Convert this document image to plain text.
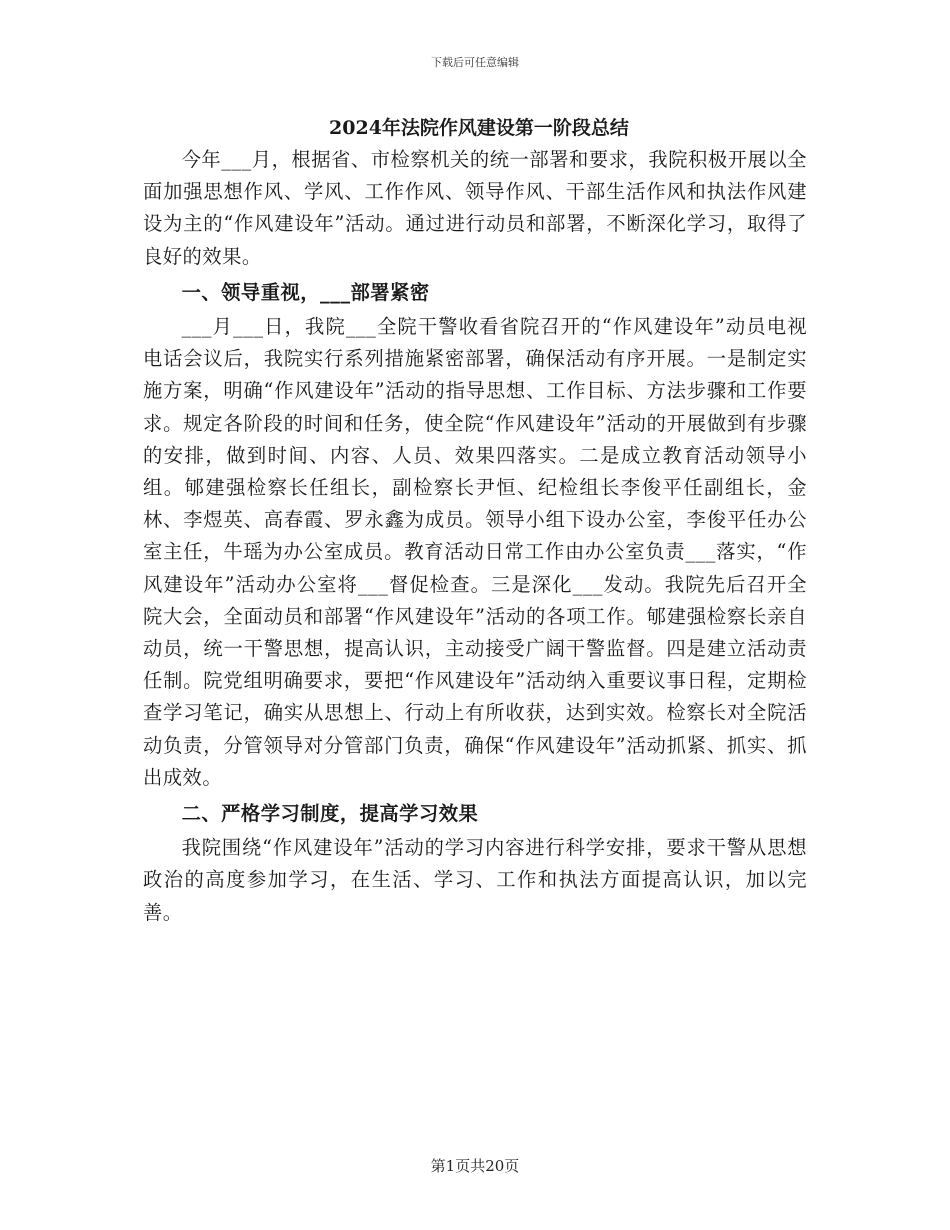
下载后可任意编辑
2024年法院作风建设第一阶段总结

今年___月，根据省、市检察机关的统一部署和要求，我院积极开展以全面加强思想作风、学风、工作作风、领导作风、干部生活作风和执法作风建设为主的“作风建设年”活动。通过进行动员和部署，不断深化学习，取得了良好的效果。

一、领导重视，___部署紧密

___月___日，我院___全院干警收看省院召开的“作风建设年”动员电视电话会议后，我院实行系列措施紧密部署，确保活动有序开展。一是制定实施方案，明确“作风建设年”活动的指导思想、工作目标、方法步骤和工作要求。规定各阶段的时间和任务，使全院“作风建设年”活动的开展做到有步骤的安排，做到时间、内容、人员、效果四落实。二是成立教育活动领导小组。郇建强检察长任组长，副检察长尹恒、纪检组长李俊平任副组长，金林、李煜英、高春霞、罗永鑫为成员。领导小组下设办公室，李俊平任办公室主任，牛瑶为办公室成员。教育活动日常工作由办公室负责___落实，“作风建设年”活动办公室将___督促检查。三是深化___发动。我院先后召开全院大会，全面动员和部署“作风建设年”活动的各项工作。郇建强检察长亲自动员，统一干警思想，提高认识，主动接受广阔干警监督。四是建立活动责任制。院党组明确要求，要把“作风建设年”活动纳入重要议事日程，定期检查学习笔记，确实从思想上、行动上有所收获，达到实效。检察长对全院活动负责，分管领导对分管部门负责，确保“作风建设年”活动抓紧、抓实、抓出成效。

二、严格学习制度，提高学习效果

我院围绕“作风建设年”活动的学习内容进行科学安排，要求干警从思想政治的高度参加学习，在生活、学习、工作和执法方面提高认识，加以完善。

第1页共20页
